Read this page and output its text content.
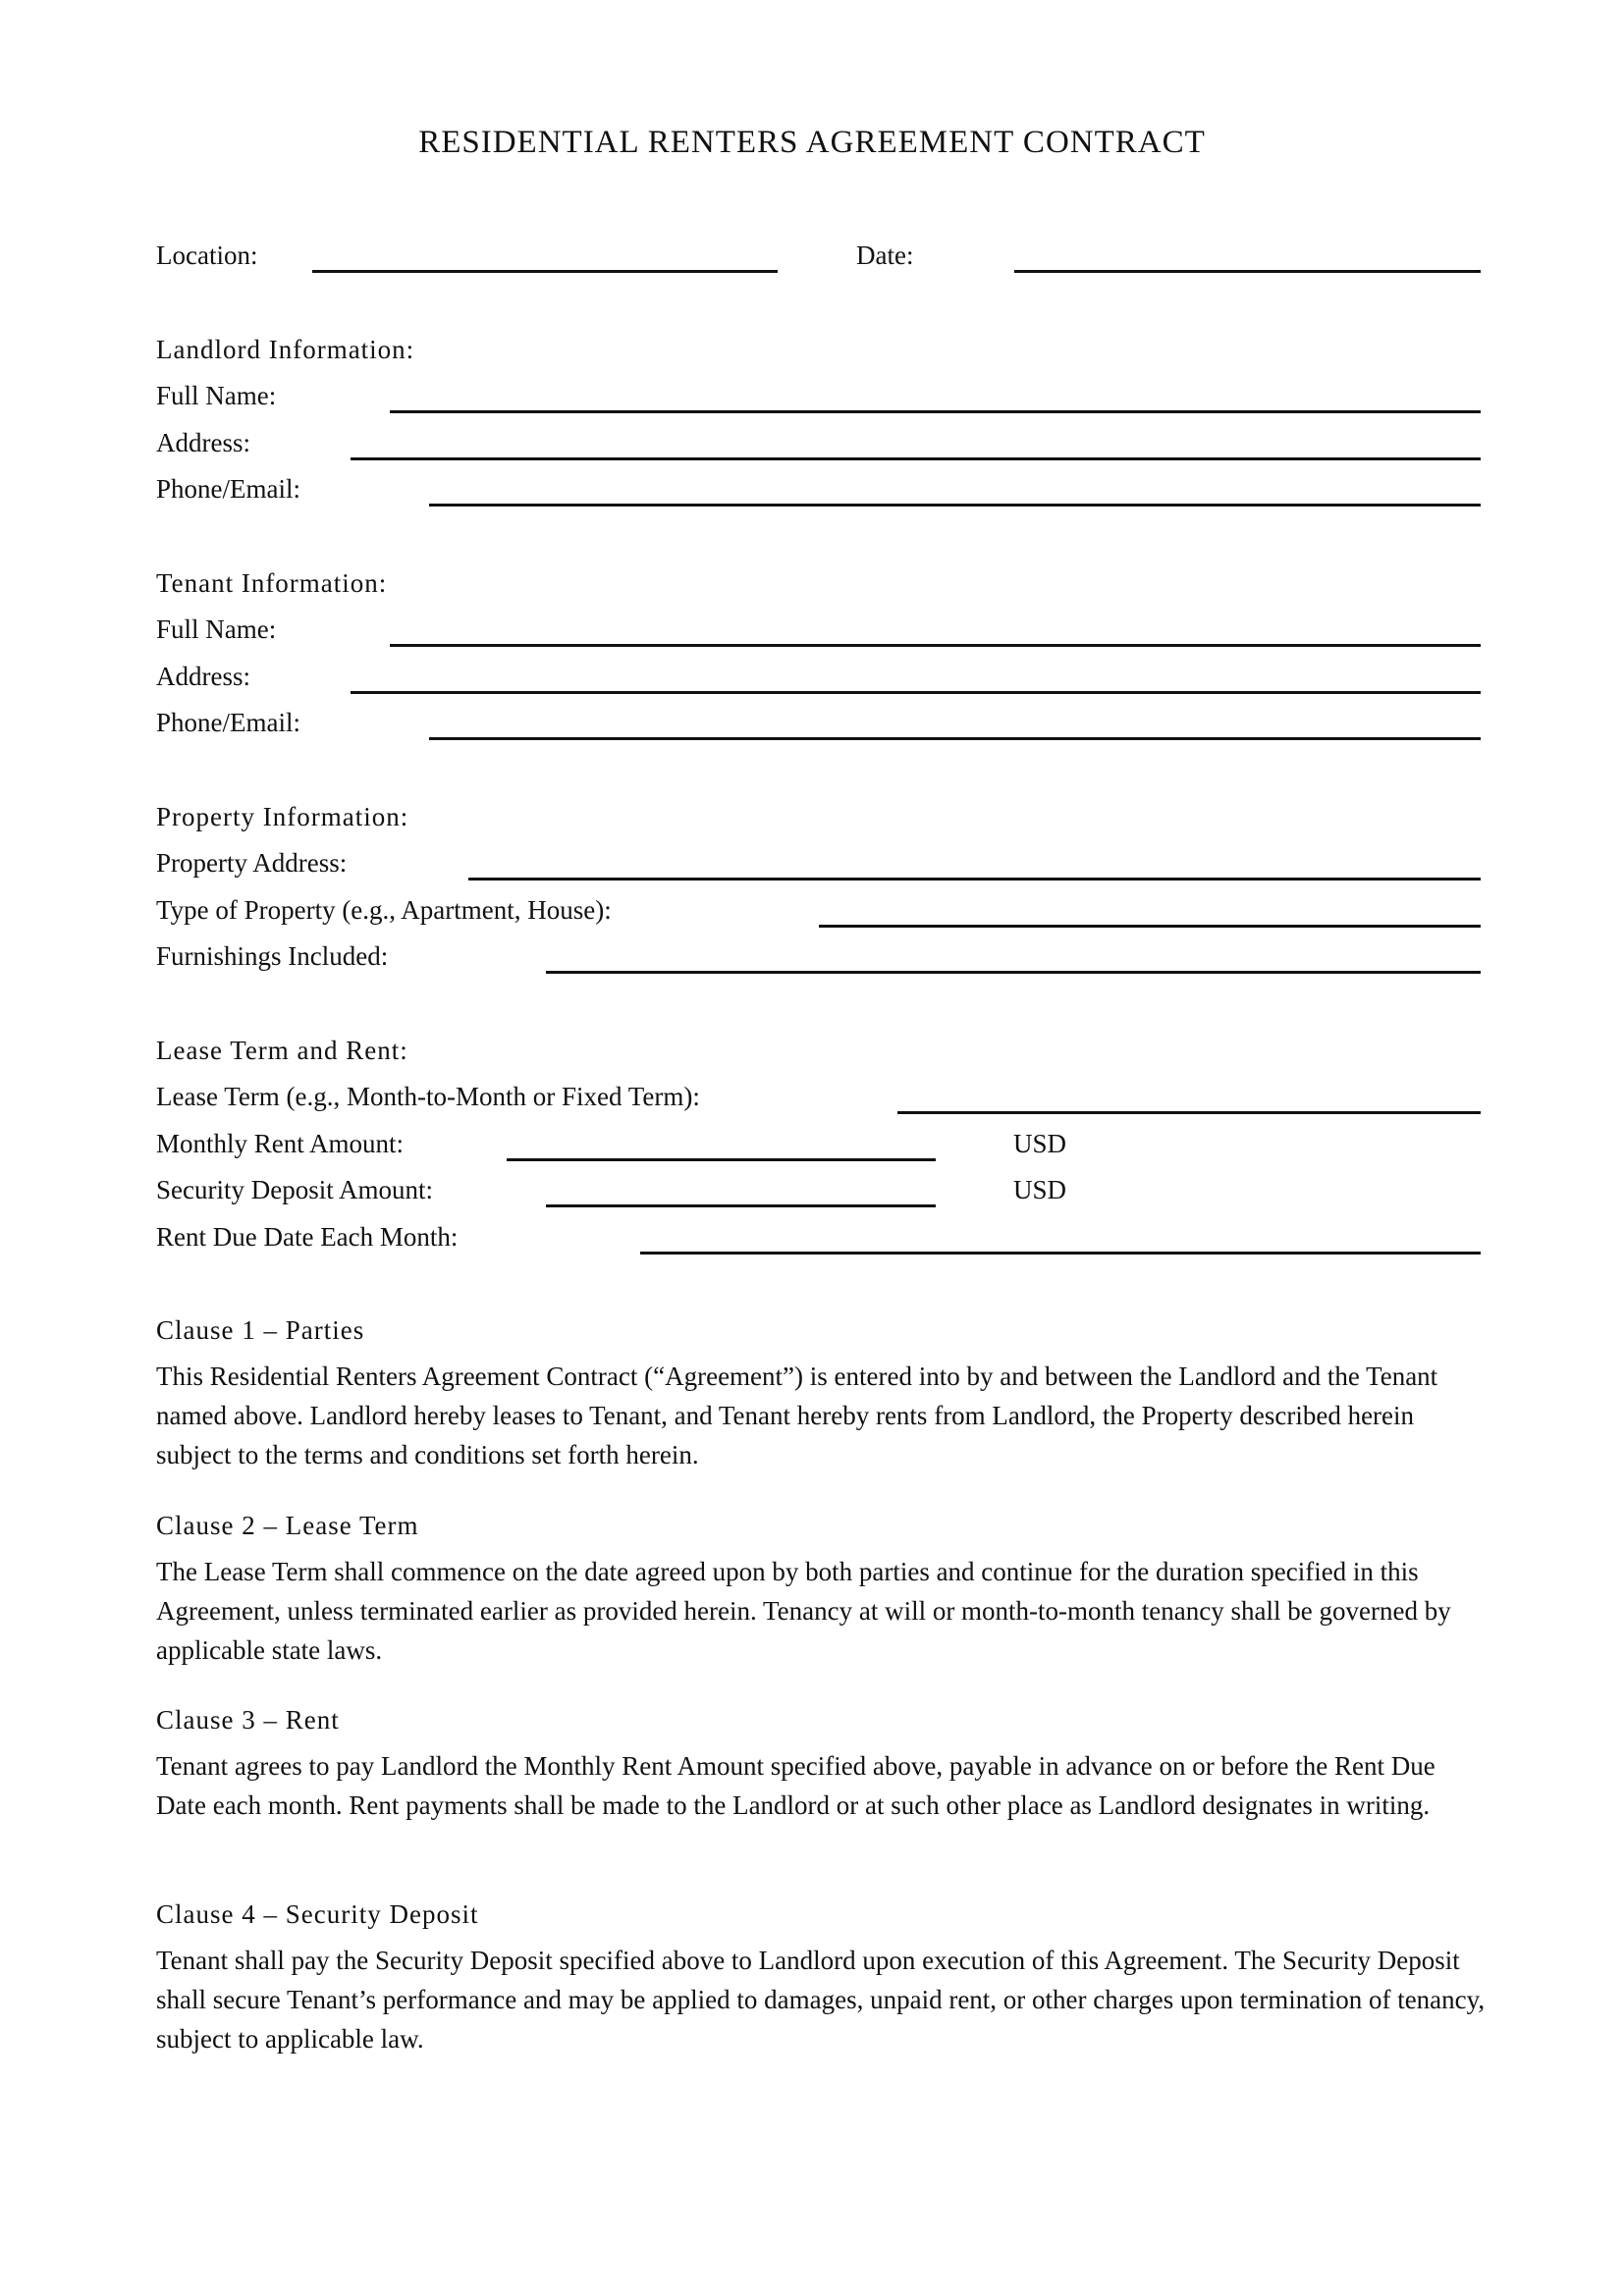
RESIDENTIAL RENTERS AGREEMENT CONTRACT
Location:	Date:
Landlord Information:
Full Name:
Address:
Phone/Email:
Tenant Information:
Full Name:
Address:
Phone/Email:
Property Information:
Property Address:
Type of Property (e.g., Apartment, House):
Furnishings Included:
Lease Term and Rent:
Lease Term (e.g., Month-to-Month or Fixed Term):
Monthly Rent Amount:	USD
Security Deposit Amount:	USD
Rent Due Date Each Month:
Clause 1 – Parties
This Residential Renters Agreement Contract (“Agreement”) is entered into by and between the Landlord and the Tenant named above. Landlord hereby leases to Tenant, and Tenant hereby rents from Landlord, the Property described herein subject to the terms and conditions set forth herein.
Clause 2 – Lease Term
The Lease Term shall commence on the date agreed upon by both parties and continue for the duration specified in this Agreement, unless terminated earlier as provided herein. Tenancy at will or month-to-month tenancy shall be governed by applicable state laws.
Clause 3 – Rent
Tenant agrees to pay Landlord the Monthly Rent Amount specified above, payable in advance on or before the Rent Due Date each month. Rent payments shall be made to the Landlord or at such other place as Landlord designates in writing.
Clause 4 – Security Deposit
Tenant shall pay the Security Deposit specified above to Landlord upon execution of this Agreement. The Security Deposit shall secure Tenant’s performance and may be applied to damages, unpaid rent, or other charges upon termination of tenancy, subject to applicable law.
